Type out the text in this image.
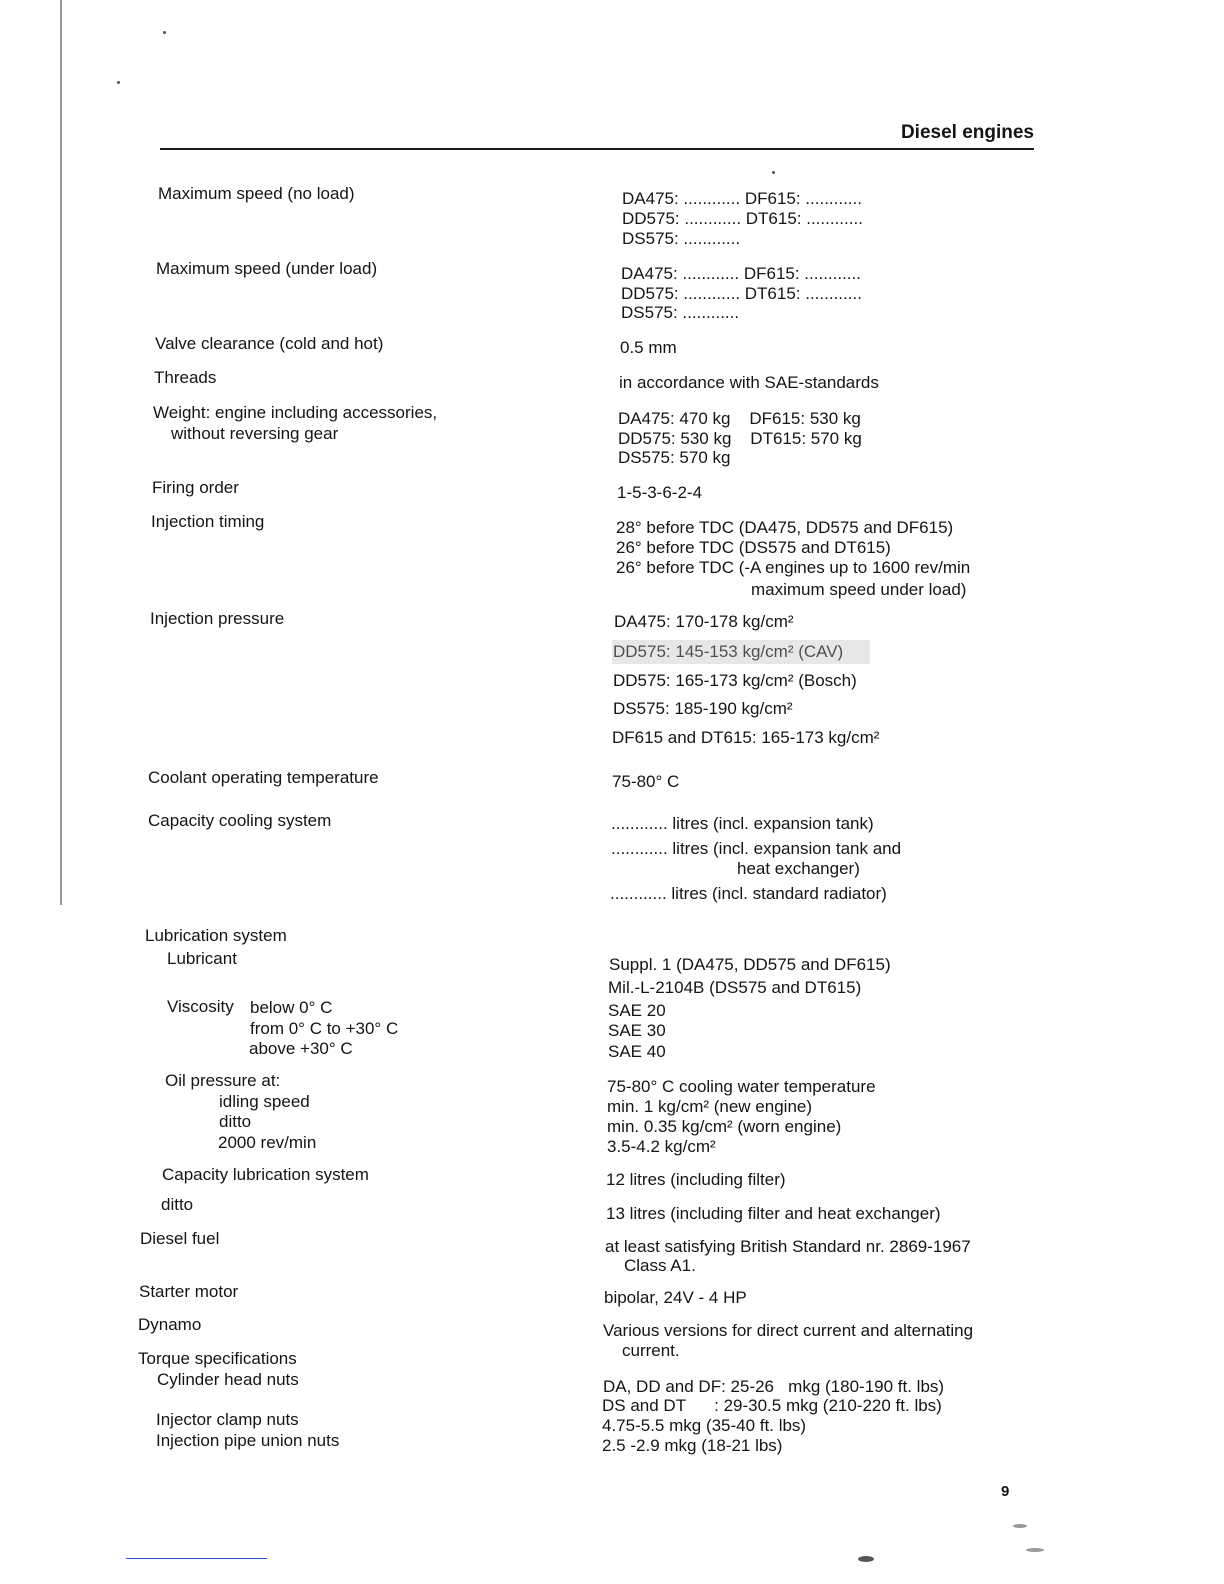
Diesel engines
Maximum speed (no load)
Maximum speed (under load)
Valve clearance (cold and hot)
Threads
Weight: engine including accessories,
without reversing gear
Firing order
Injection timing
Injection pressure
Coolant operating temperature
Capacity cooling system
Lubrication system
Lubricant
Viscosity below 0° C
from 0° C to +30° C
above +30° C
Oil pressure at:
idling speed
ditto
2000 rev/min
Capacity lubrication system
ditto
Diesel fuel
Starter motor
Dynamo
Torque specifications
Cylinder head nuts
Injector clamp nuts
Injection pipe union nuts
DA475: ............ DF615: ............
DD575: ............ DT615: ............
DS575: ............
DA475: ............ DF615: ............
DD575: ............ DT615: ............
DS575: ............
0.5 mm
in accordance with SAE-standards
DA475: 470 kg    DF615: 530 kg
DD575: 530 kg    DT615: 570 kg
DS575: 570 kg
1-5-3-6-2-4
28° before TDC (DA475, DD575 and DF615)
26° before TDC (DS575 and DT615)
26° before TDC (-A engines up to 1600 rev/min
maximum speed under load)
DA475: 170-178 kg/cm²
DD575: 145-153 kg/cm² (CAV)
DD575: 165-173 kg/cm² (Bosch)
DS575: 185-190 kg/cm²
DF615 and DT615: 165-173 kg/cm²
75-80° C
............ litres (incl. expansion tank)
............ litres (incl. expansion tank and
heat exchanger)
............ litres (incl. standard radiator)
Suppl. 1 (DA475, DD575 and DF615)
Mil.-L-2104B (DS575 and DT615)
SAE 20
SAE 30
SAE 40
75-80° C cooling water temperature
min. 1 kg/cm² (new engine)
min. 0.35 kg/cm² (worn engine)
3.5-4.2 kg/cm²
12 litres (including filter)
13 litres (including filter and heat exchanger)
at least satisfying British Standard nr. 2869-1967
Class A1.
bipolar, 24V - 4 HP
Various versions for direct current and alternating
current.
DA, DD and DF: 25-26   mkg (180-190 ft. lbs)
DS and DT      : 29-30.5 mkg (210-220 ft. lbs)
4.75-5.5 mkg (35-40 ft. lbs)
2.5 -2.9 mkg (18-21 lbs)
9
